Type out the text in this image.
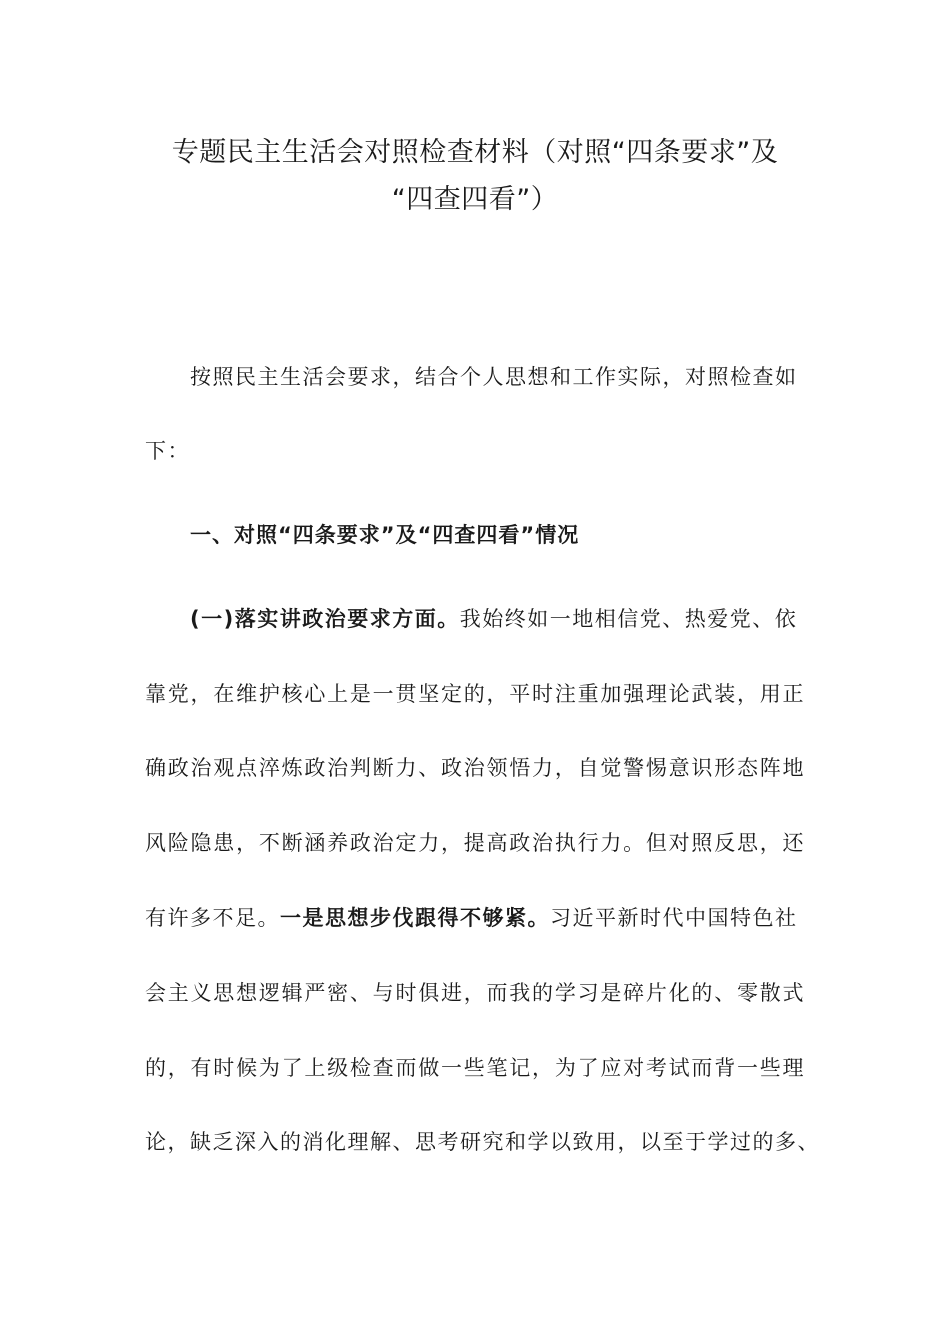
专题民主生活会对照检查材料（对照“四条要求”及
“四查四看”）
按照民主生活会要求，结合个人思想和工作实际，对照检查如
下：
一、对照“四条要求”及“四查四看”情况
(一)落实讲政治要求方面。我始终如一地相信党、热爱党、依
靠党，在维护核心上是一贯坚定的，平时注重加强理论武装，用正
确政治观点淬炼政治判断力、政治领悟力，自觉警惕意识形态阵地
风险隐患，不断涵养政治定力，提高政治执行力。但对照反思，还
有许多不足。一是思想步伐跟得不够紧。习近平新时代中国特色社
会主义思想逻辑严密、与时俱进，而我的学习是碎片化的、零散式
的，有时候为了上级检查而做一些笔记，为了应对考试而背一些理
论，缺乏深入的消化理解、思考研究和学以致用，以至于学过的多、
